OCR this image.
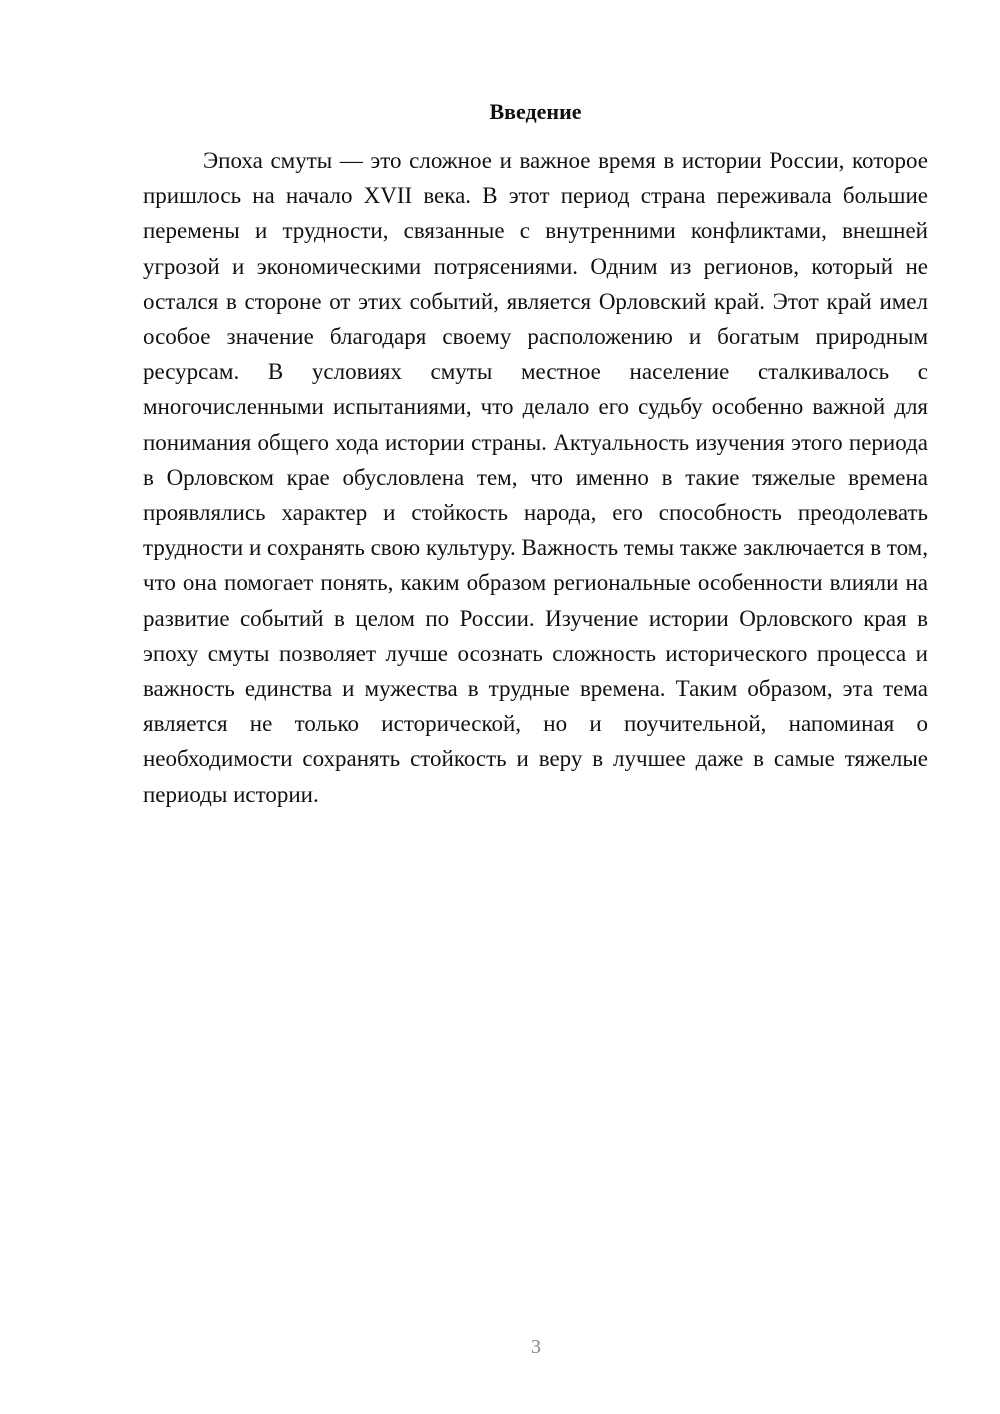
Введение

Эпоха смуты — это сложное и важное время в истории России, которое пришлось на начало XVII века. В этот период страна переживала большие перемены и трудности, связанные с внутренними конфликтами, внешней угрозой и экономическими потрясениями. Одним из регионов, который не остался в стороне от этих событий, является Орловский край. Этот край имел особое значение благодаря своему расположению и богатым природным ресурсам. В условиях смуты местное население сталкивалось с многочисленными испытаниями, что делало его судьбу особенно важной для понимания общего хода истории страны. Актуальность изучения этого периода в Орловском крае обусловлена тем, что именно в такие тяжелые времена проявлялись характер и стойкость народа, его способность преодолевать трудности и сохранять свою культуру. Важность темы также заключается в том, что она помогает понять, каким образом региональные особенности влияли на развитие событий в целом по России. Изучение истории Орловского края в эпоху смуты позволяет лучше осознать сложность исторического процесса и важность единства и мужества в трудные времена. Таким образом, эта тема является не только исторической, но и поучительной, напоминая о необходимости сохранять стойкость и веру в лучшее даже в самые тяжелые периоды истории.

3
